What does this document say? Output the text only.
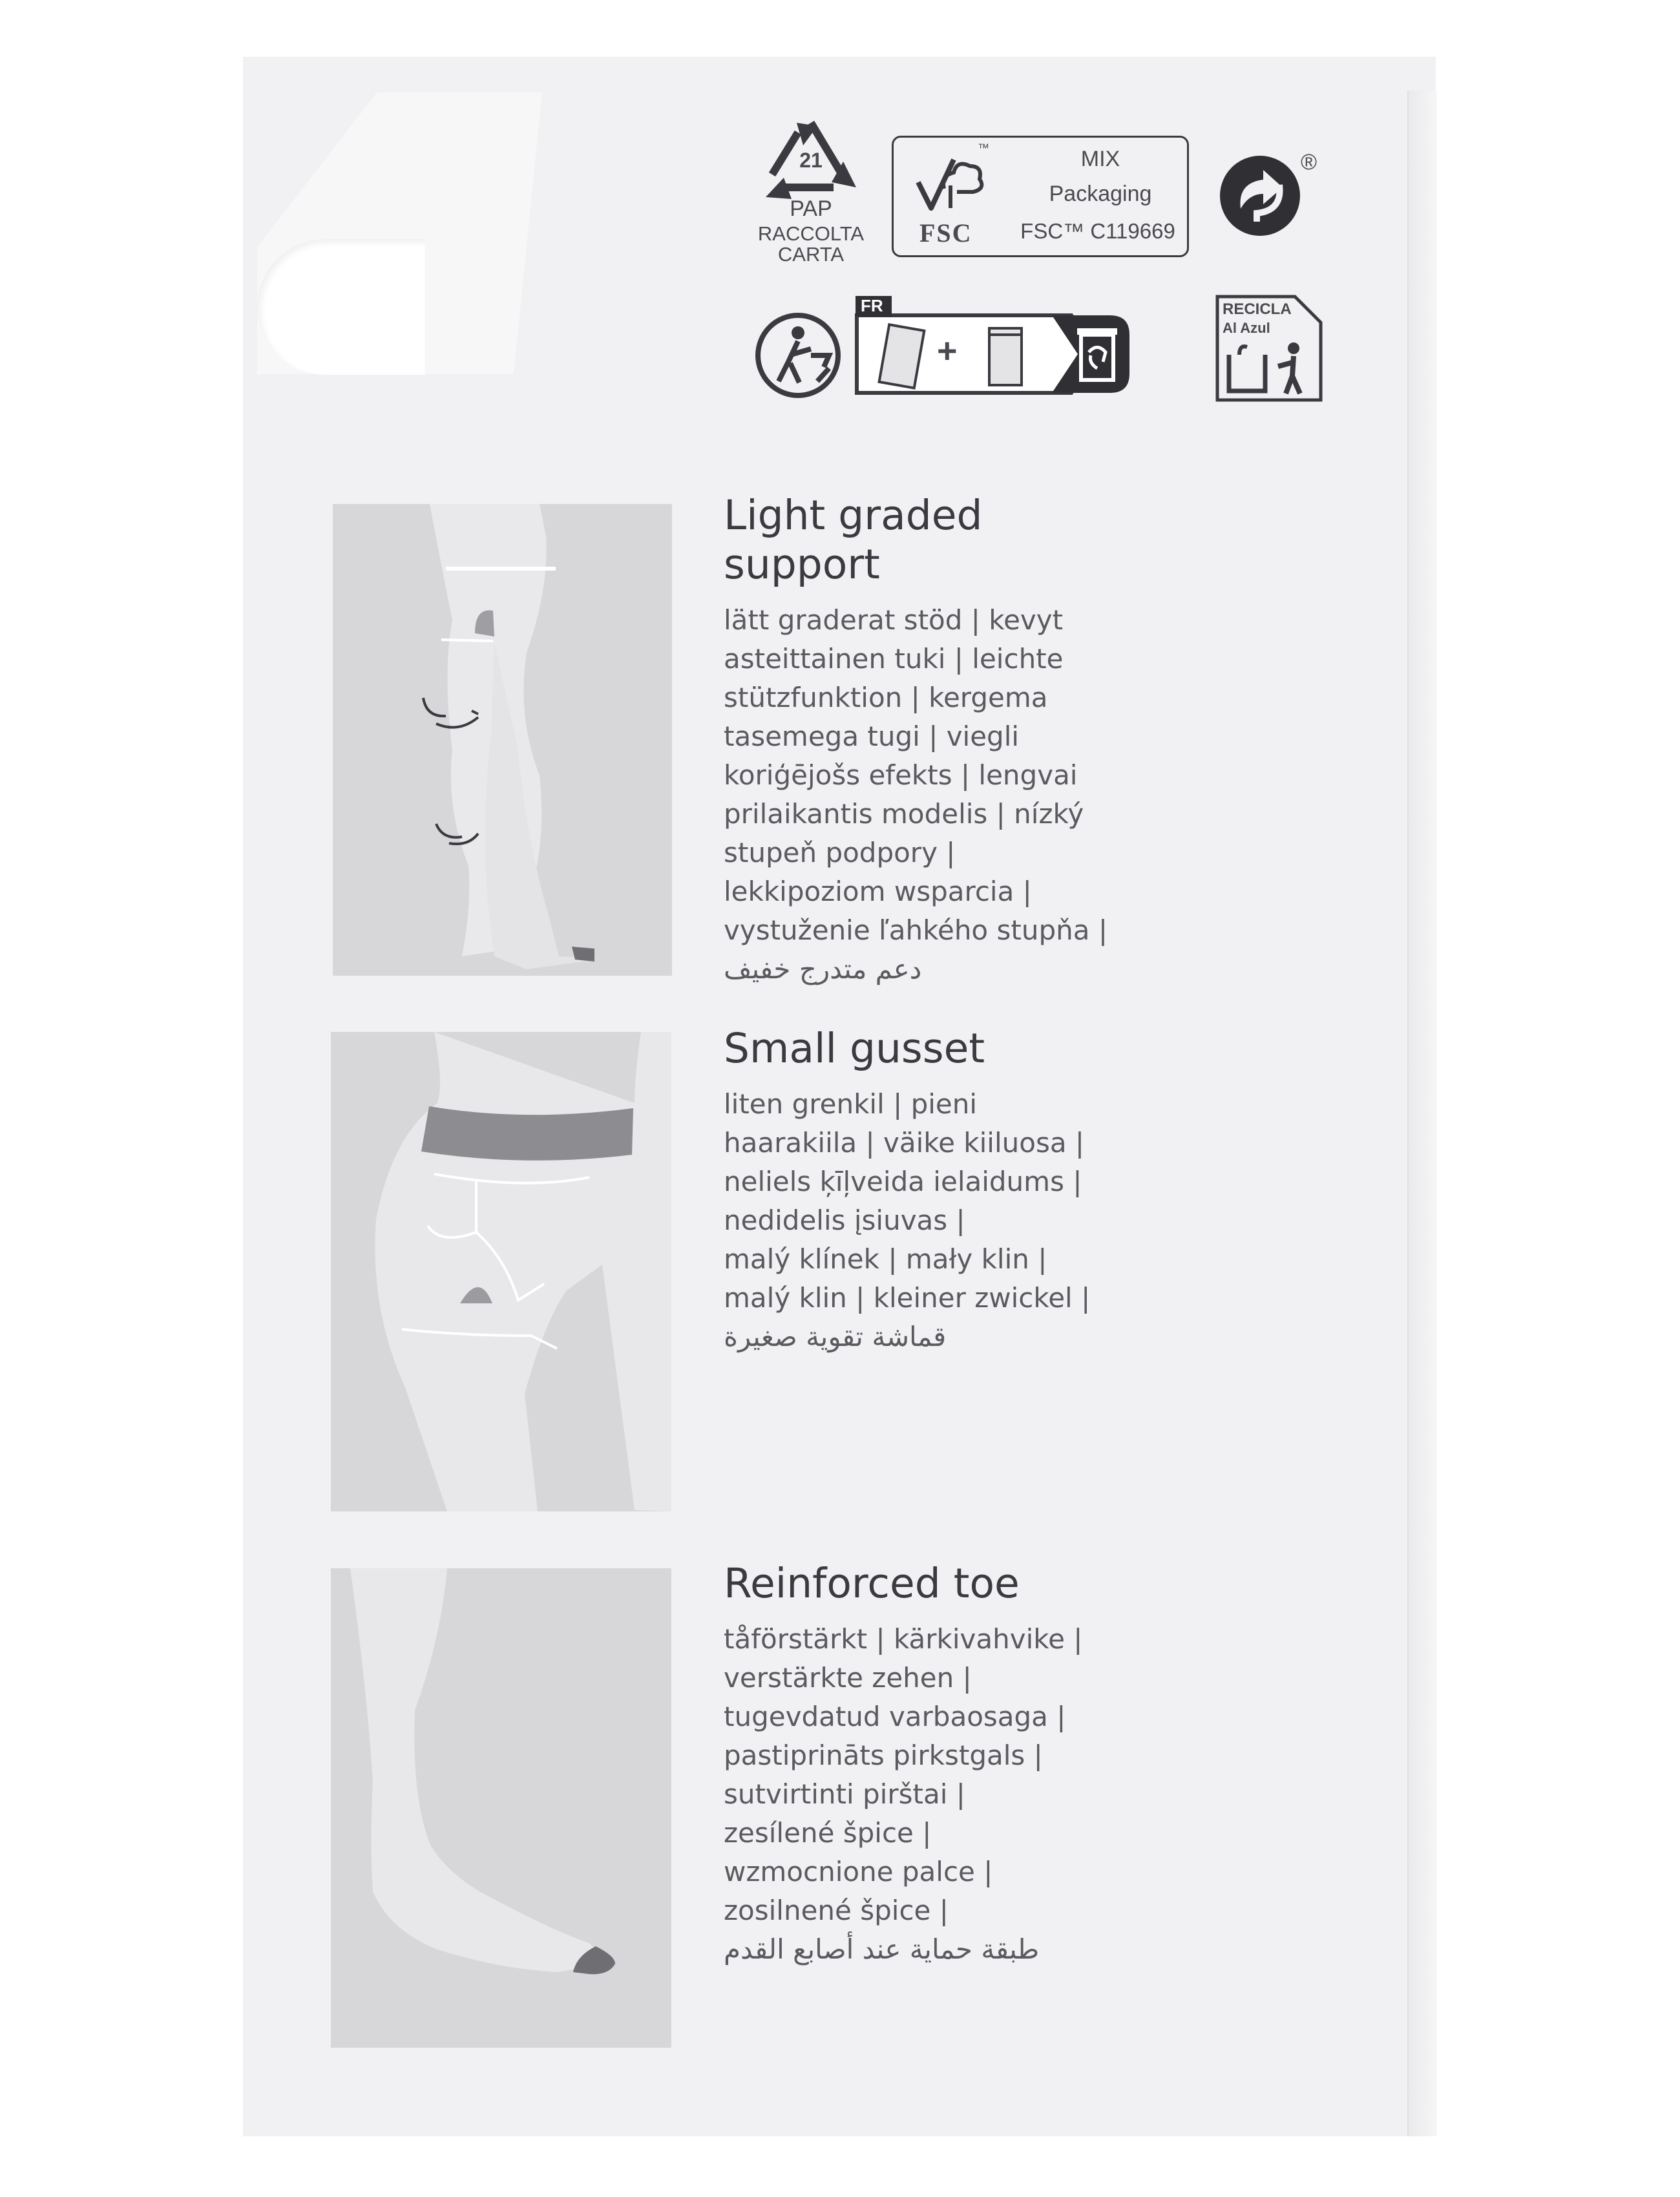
21
PAP
RACCOLTA
CARTA
™
FSC
MIX
Packaging
FSC™ C119669
®
FR
+
RECICLA
Al Azul
Light graded
support
lätt graderat stöd | kevyt
asteittainen tuki | leichte
stützfunktion | kergema
tasemega tugi | viegli
koriģējošs efekts | lengvai
prilaikantis modelis | nízký
stupeň podpory |
lekkipoziom wsparcia |
vystuženie ľahkého stupňa |
دعم متدرج خفيف
Small gusset
liten grenkil | pieni
haarakiila | väike kiiluosa |
neliels ķīļveida ielaidums |
nedidelis įsiuvas |
malý klínek | mały klin |
malý klin | kleiner zwickel |
قماشة تقوية صغيرة
Reinforced toe
tåförstärkt | kärkivahvike |
verstärkte zehen |
tugevdatud varbaosaga |
pastiprināts pirkstgals |
sutvirtinti pirštai |
zesílené špice |
wzmocnione palce |
zosilnené špice |
طبقة حماية عند أصابع القدم
